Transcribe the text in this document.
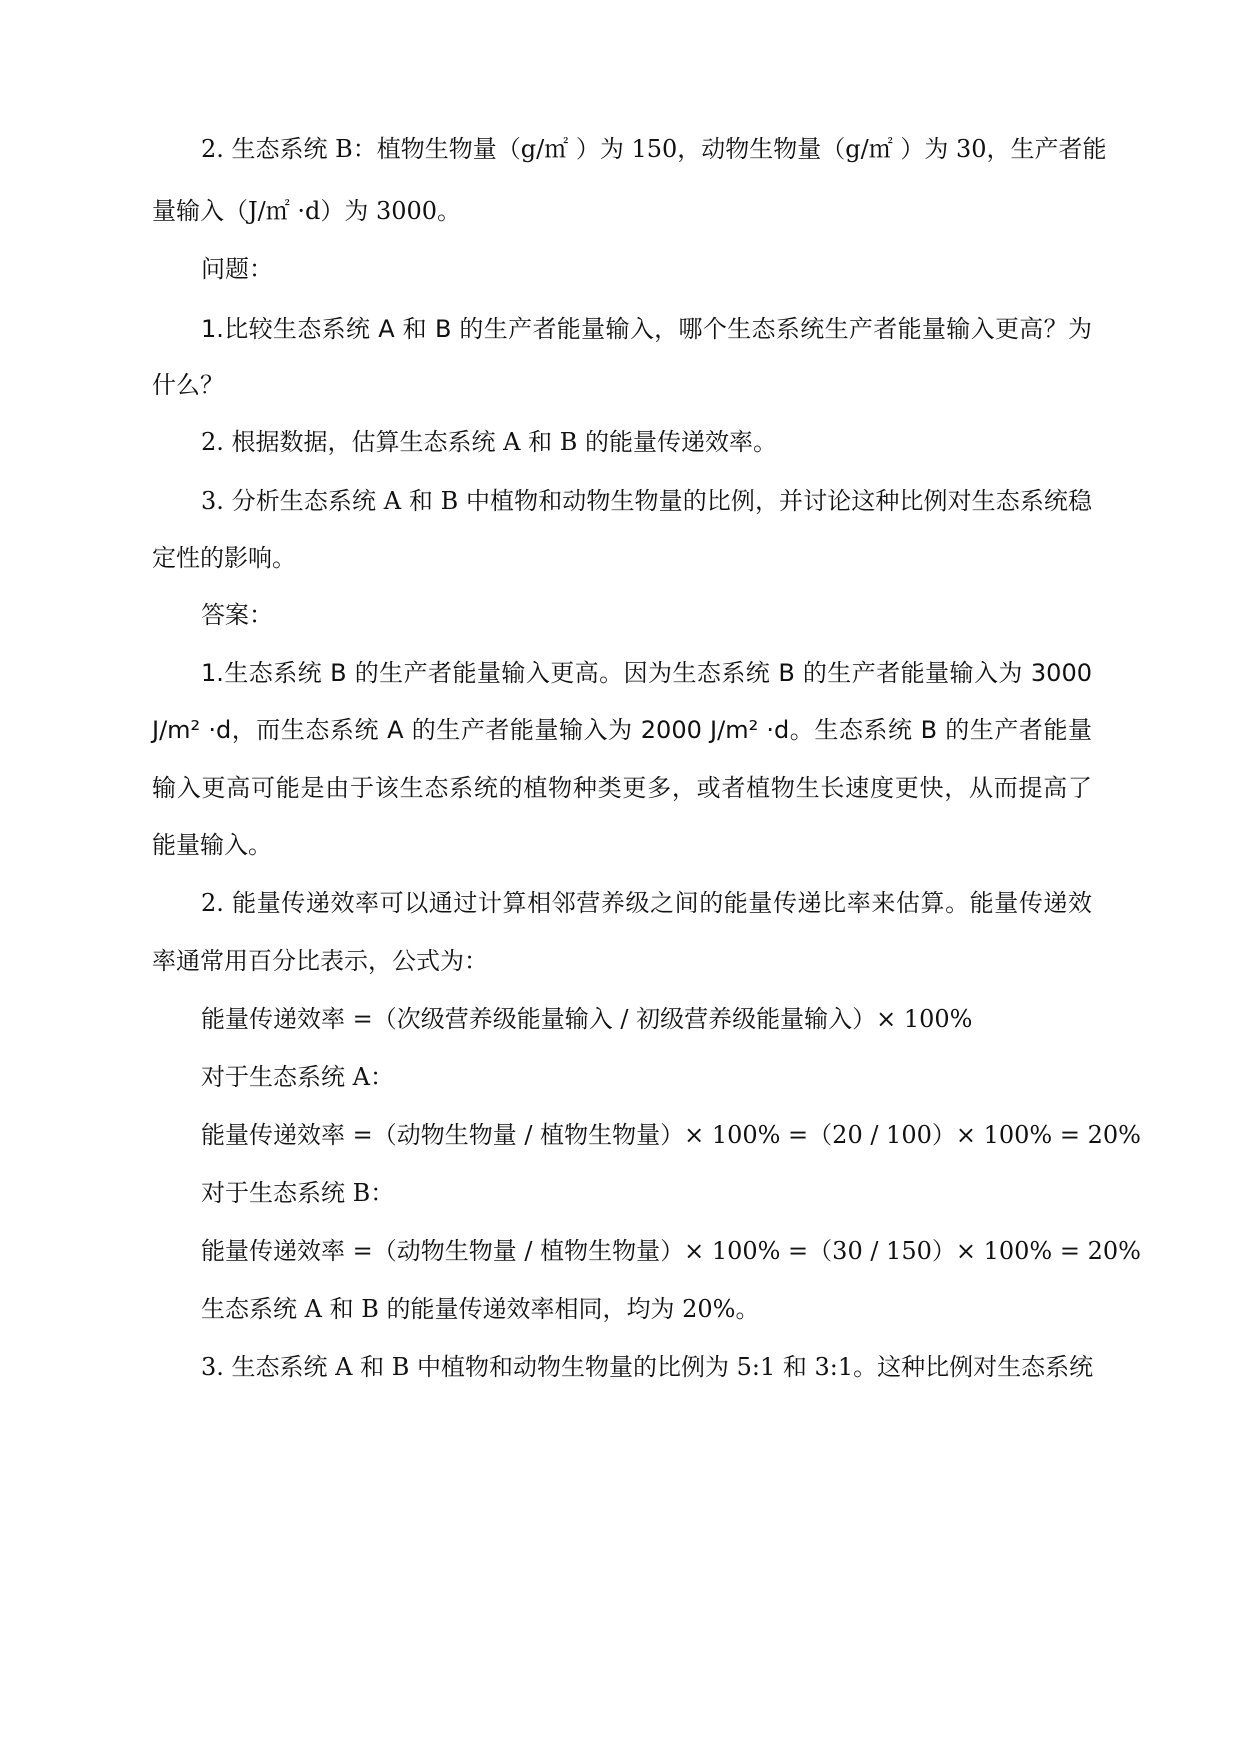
2. 生态系统 B：植物生物量（g/㎡ ）为 150，动物生物量（g/㎡ ）为 30，生产者能
量输入（J/㎡ ·d）为 3000。
问题：
1.比较生态系统 A 和 B 的生产者能量输入，哪个生态系统生产者能量输入更高？为
什么？
2. 根据数据，估算生态系统 A 和 B 的能量传递效率。
3. 分析生态系统 A 和 B 中植物和动物生物量的比例，并讨论这种比例对生态系统稳
定性的影响。
答案：
1.生态系统 B 的生产者能量输入更高。因为生态系统 B 的生产者能量输入为 3000
J/m² ·d，而生态系统 A 的生产者能量输入为 2000 J/m² ·d。生态系统 B 的生产者能量
输入更高可能是由于该生态系统的植物种类更多，或者植物生长速度更快，从而提高了
能量输入。
2. 能量传递效率可以通过计算相邻营养级之间的能量传递比率来估算。能量传递效
率通常用百分比表示，公式为：
能量传递效率 =（次级营养级能量输入 / 初级营养级能量输入）× 100%
对于生态系统 A：
能量传递效率 =（动物生物量 / 植物生物量）× 100% =（20 / 100）× 100% = 20%
对于生态系统 B：
能量传递效率 =（动物生物量 / 植物生物量）× 100% =（30 / 150）× 100% = 20%
生态系统 A 和 B 的能量传递效率相同，均为 20%。
3. 生态系统 A 和 B 中植物和动物生物量的比例为 5:1 和 3:1。这种比例对生态系统
